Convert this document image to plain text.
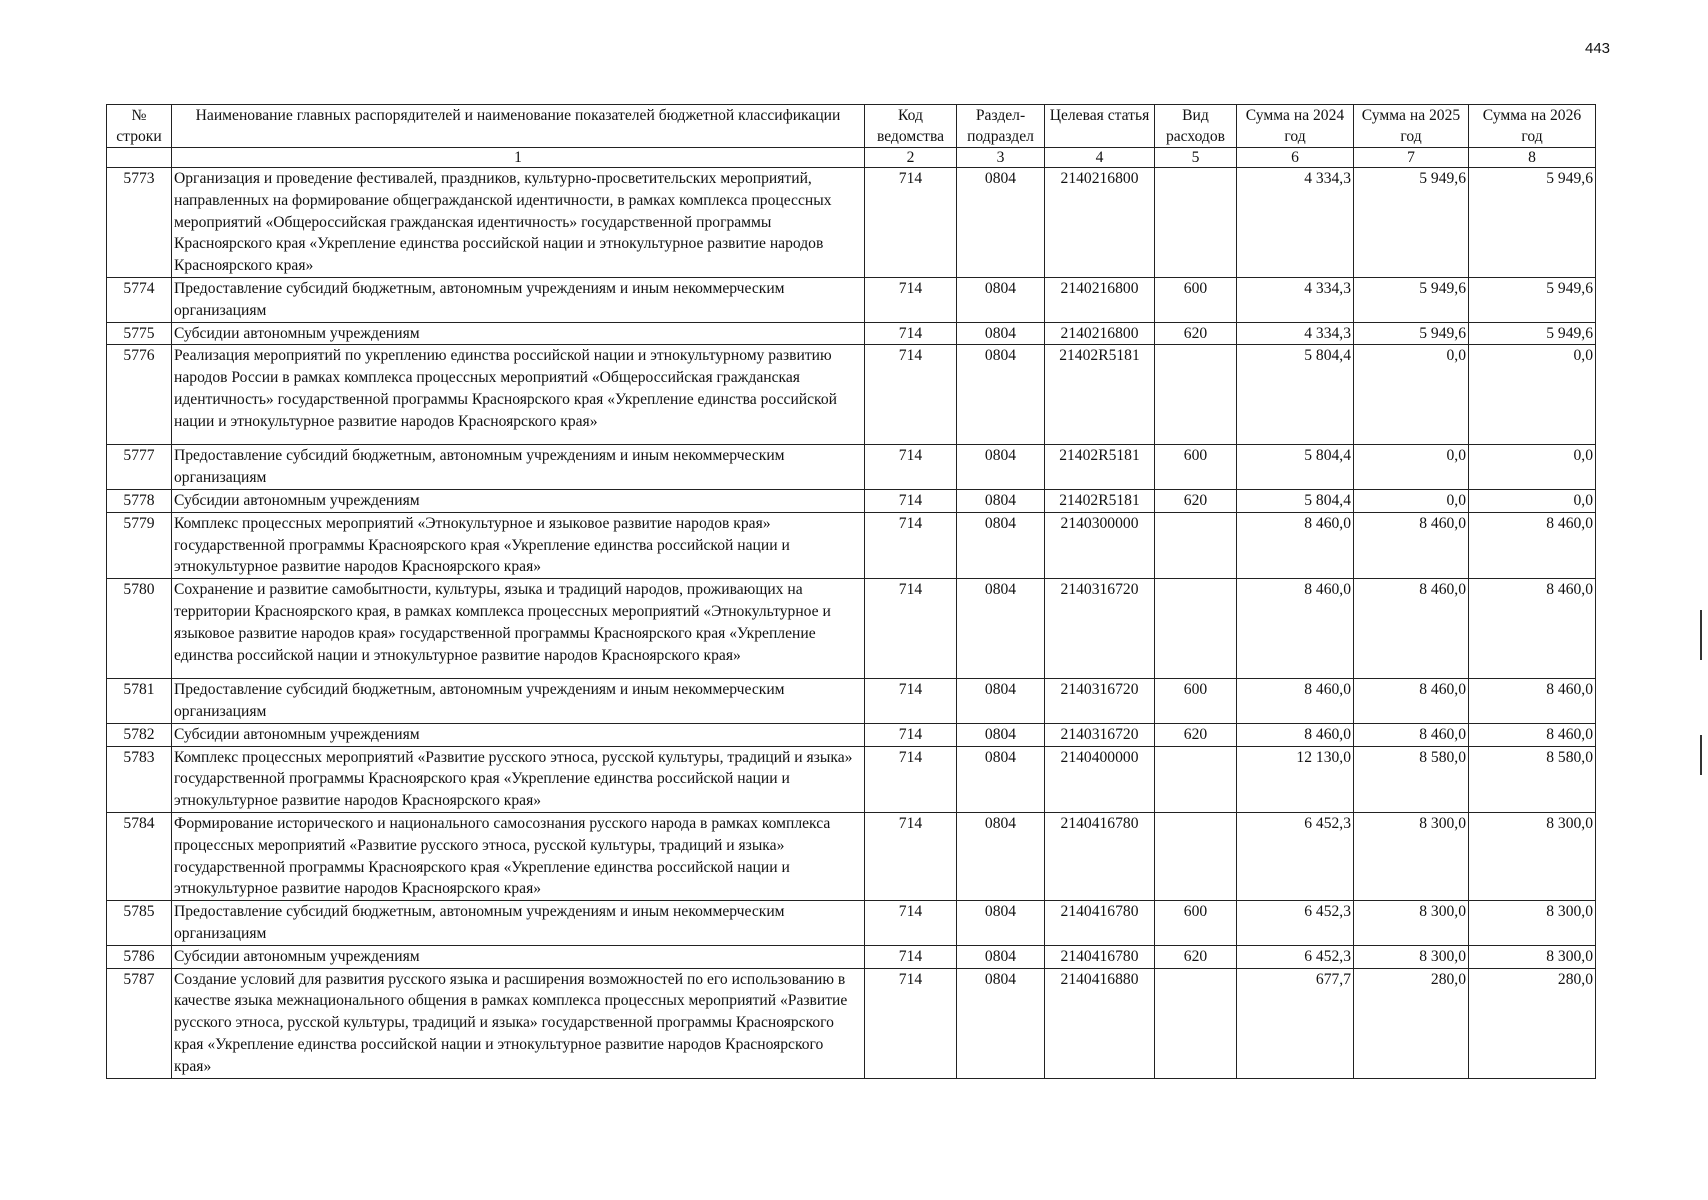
443
№ строки	Наименование главных распорядителей и наименование показателей бюджетной классификации	Код ведомства	Раздел-подраздел	Целевая статья	Вид расходов	Сумма на 2024 год	Сумма на 2025 год	Сумма на 2026 год
	1	2	3	4	5	6	7	8
5773	Организация и проведение фестивалей, праздников, культурно-просветительских мероприятий, направленных на формирование общегражданской идентичности, в рамках комплекса процессных мероприятий «Общероссийская гражданская идентичность» государственной программы Красноярского края «Укрепление единства российской нации и этнокультурное развитие народов Красноярского края»	714	0804	2140216800		4 334,3	5 949,6	5 949,6
5774	Предоставление субсидий бюджетным, автономным учреждениям и иным некоммерческим организациям	714	0804	2140216800	600	4 334,3	5 949,6	5 949,6
5775	Субсидии автономным учреждениям	714	0804	2140216800	620	4 334,3	5 949,6	5 949,6
5776	Реализация мероприятий по укреплению единства российской нации и этнокультурному развитию народов России в рамках комплекса процессных мероприятий «Общероссийская гражданская идентичность» государственной программы Красноярского края «Укрепление единства российской нации и этнокультурное развитие народов Красноярского края»	714	0804	21402R5181		5 804,4	0,0	0,0
5777	Предоставление субсидий бюджетным, автономным учреждениям и иным некоммерческим организациям	714	0804	21402R5181	600	5 804,4	0,0	0,0
5778	Субсидии автономным учреждениям	714	0804	21402R5181	620	5 804,4	0,0	0,0
5779	Комплекс процессных мероприятий «Этнокультурное и языковое развитие народов края» государственной программы Красноярского края «Укрепление единства российской нации и этнокультурное развитие народов Красноярского края»	714	0804	2140300000		8 460,0	8 460,0	8 460,0
5780	Сохранение и развитие самобытности, культуры, языка и традиций народов, проживающих на территории Красноярского края, в рамках комплекса процессных мероприятий «Этнокультурное и языковое развитие народов края» государственной программы Красноярского края «Укрепление единства российской нации и этнокультурное развитие народов Красноярского края»	714	0804	2140316720		8 460,0	8 460,0	8 460,0
5781	Предоставление субсидий бюджетным, автономным учреждениям и иным некоммерческим организациям	714	0804	2140316720	600	8 460,0	8 460,0	8 460,0
5782	Субсидии автономным учреждениям	714	0804	2140316720	620	8 460,0	8 460,0	8 460,0
5783	Комплекс процессных мероприятий «Развитие русского этноса, русской культуры, традиций и языка» государственной программы Красноярского края «Укрепление единства российской нации и этнокультурное развитие народов Красноярского края»	714	0804	2140400000		12 130,0	8 580,0	8 580,0
5784	Формирование исторического и национального самосознания русского народа в рамках комплекса процессных мероприятий «Развитие русского этноса, русской культуры, традиций и языка» государственной программы Красноярского края «Укрепление единства российской нации и этнокультурное развитие народов Красноярского края»	714	0804	2140416780		6 452,3	8 300,0	8 300,0
5785	Предоставление субсидий бюджетным, автономным учреждениям и иным некоммерческим организациям	714	0804	2140416780	600	6 452,3	8 300,0	8 300,0
5786	Субсидии автономным учреждениям	714	0804	2140416780	620	6 452,3	8 300,0	8 300,0
5787	Создание условий для развития русского языка и расширения возможностей по его использованию в качестве языка межнационального общения в рамках комплекса процессных мероприятий «Развитие русского этноса, русской культуры, традиций и языка» государственной программы Красноярского края «Укрепление единства российской нации и этнокультурное развитие народов Красноярского края»	714	0804	2140416880		677,7	280,0	280,0
